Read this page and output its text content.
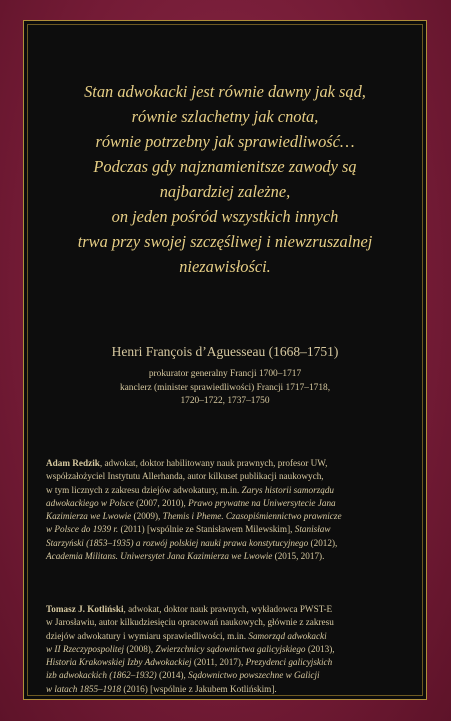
Stan adwokacki jest równie dawny jak sąd,
równie szlachetny jak cnota,
równie potrzebny jak sprawiedliwość…
Podczas gdy najznamienitsze zawody są
najbardziej zależne,
on jeden pośród wszystkich innych
trwa przy swojej szczęśliwej i niewzruszalnej
niezawisłości.
Henri François d’Aguesseau (1668–1751)
prokurator generalny Francji 1700–1717
kanclerz (minister sprawiedliwości) Francji 1717–1718,
1720–1722, 1737–1750
Adam Redzik, adwokat, doktor habilitowany nauk prawnych, profesor UW,
współzałożyciel Instytutu Allerhanda, autor kilkuset publikacji naukowych,
w tym licznych z zakresu dziejów adwokatury, m.in. Zarys historii samorządu
adwokackiego w Polsce (2007, 2010), Prawo prywatne na Uniwersytecie Jana
Kazimierza we Lwowie (2009), Themis i Pheme. Czasopiśmiennictwo prawnicze
w Polsce do 1939 r. (2011) [wspólnie ze Stanisławem Milewskim], Stanisław
Starzyński (1853–1935) a rozwój polskiej nauki prawa konstytucyjnego (2012),
Academia Militans. Uniwersytet Jana Kazimierza we Lwowie (2015, 2017).
Tomasz J. Kotliński, adwokat, doktor nauk prawnych, wykładowca PWST-E
w Jarosławiu, autor kilkudziesięciu opracowań naukowych, głównie z zakresu
dziejów adwokatury i wymiaru sprawiedliwości, m.in. Samorząd adwokacki
w II Rzeczypospolitej (2008), Zwierzchnicy sądownictwa galicyjskiego (2013),
Historia Krakowskiej Izby Adwokackiej (2011, 2017), Prezydenci galicyjskich
izb adwokackich (1862–1932) (2014), Sądownictwo powszechne w Galicji
w latach 1855–1918 (2016) [wspólnie z Jakubem Kotlińskim].
